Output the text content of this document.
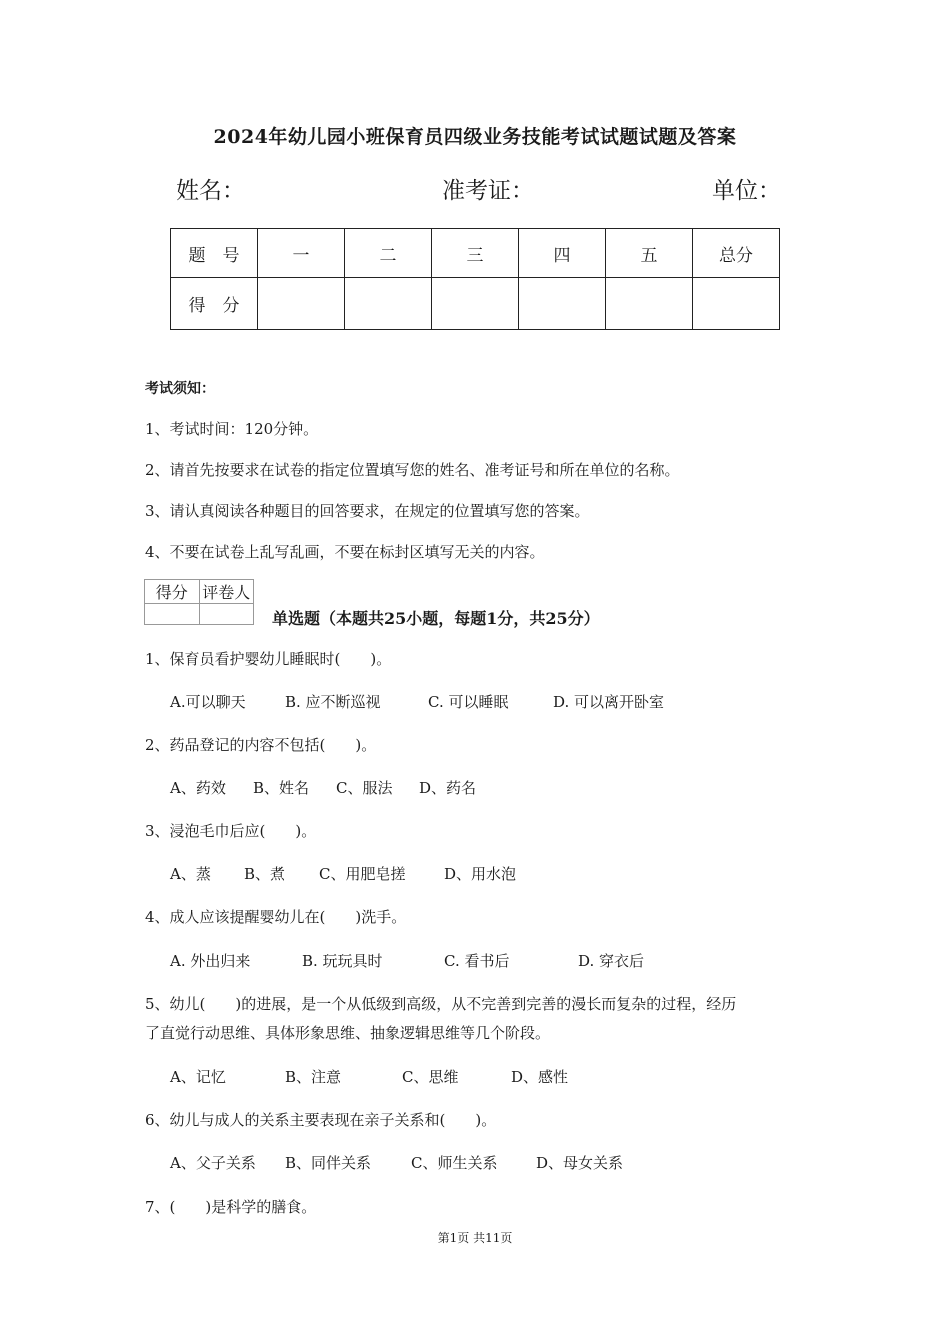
2024年幼儿园小班保育员四级业务技能考试试题试题及答案
姓名：	准考证：	单位：
题　号	一	二	三	四	五	总分
得　分						
考试须知：
1、考试时间：120分钟。
2、请首先按要求在试卷的指定位置填写您的姓名、准考证号和所在单位的名称。
3、请认真阅读各种题目的回答要求，在规定的位置填写您的答案。
4、不要在试卷上乱写乱画，不要在标封区填写无关的内容。
得分	评卷人

单选题（本题共25小题，每题1分，共25分）
1、保育员看护婴幼儿睡眠时(　　)。
A.可以聊天	B. 应不断巡视	C. 可以睡眠	D. 可以离开卧室
2、药品登记的内容不包括(　　)。
A、药效 B、姓名 C、服法 D、药名
3、浸泡毛巾后应(　　)。
A、蒸 B、煮 C、用肥皂搓	D、用水泡
4、成人应该提醒婴幼儿在(　　)洗手。
A. 外出归来	B. 玩玩具时	C. 看书后	D. 穿衣后
5、幼儿(　　)的进展，是一个从低级到高级，从不完善到完善的漫长而复杂的过程，经历
了直觉行动思维、具体形象思维、抽象逻辑思维等几个阶段。
A、记忆	B、注意	C、思维	D、感性
6、幼儿与成人的关系主要表现在亲子关系和(　　)。
A、父子关系 B、同伴关系	C、师生关系	D、母女关系
7、(　　)是科学的膳食。
第1页 共11页
